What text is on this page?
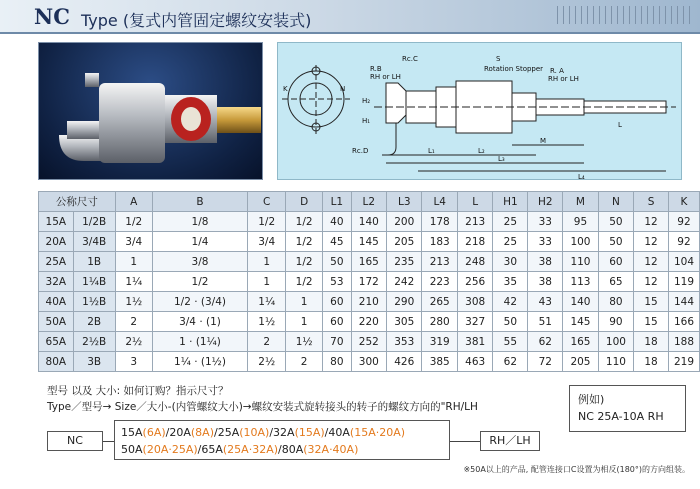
NC Type (复式内管固定螺纹安装式)
Rc.C
R.B
RH or LH
Rotation Stopper
S
R. A
RH or LH
H₂
H₁
Rc.D
M
L₁	L₂
L₃
L
L₄
K	N
公称尺寸		A	B	C	D	L1	L2	L3	L4	L	H1	H2	M	N	S	K
15A	1/2B	1/2	1/8	1/2	1/2	40	140	200	178	213	25	33	95	50	12	92
20A	3/4B	3/4	1/4	3/4	1/2	45	145	205	183	218	25	33	100	50	12	92
25A	1B	1	3/8	1	1/2	50	165	235	213	248	30	38	110	60	12	104
32A	1¼B	1¼	1/2	1	1/2	53	172	242	223	256	35	38	113	65	12	119
40A	1½B	1½	1/2 · (3/4)	1¼	1	60	210	290	265	308	42	43	140	80	15	144
50A	2B	2	3/4 · (1)	1½	1	60	220	305	280	327	50	51	145	90	15	166
65A	2½B	2½	1 · (1¼)	2	1½	70	252	353	319	381	55	62	165	100	18	188
80A	3B	3	1¼ · (1½)	2½	2	80	300	426	385	463	62	72	205	110	18	219
型号 以及 大小: 如何订购？指示尺寸？
Type／型号→ Size／大小-(内管螺纹大小)→螺纹安装式旋转接头的转子的螺纹方向的"RH/LH
NC
15A(6A)/20A(8A)/25A(10A)/32A(15A)/40A(15A·20A)
50A(20A·25A)/65A(25A·32A)/80A(32A·40A)
RH／LH
例如)
NC 25A-10A RH
※50A以上的产品, 配管连接口C设置为相反(180°)的方向组装。
